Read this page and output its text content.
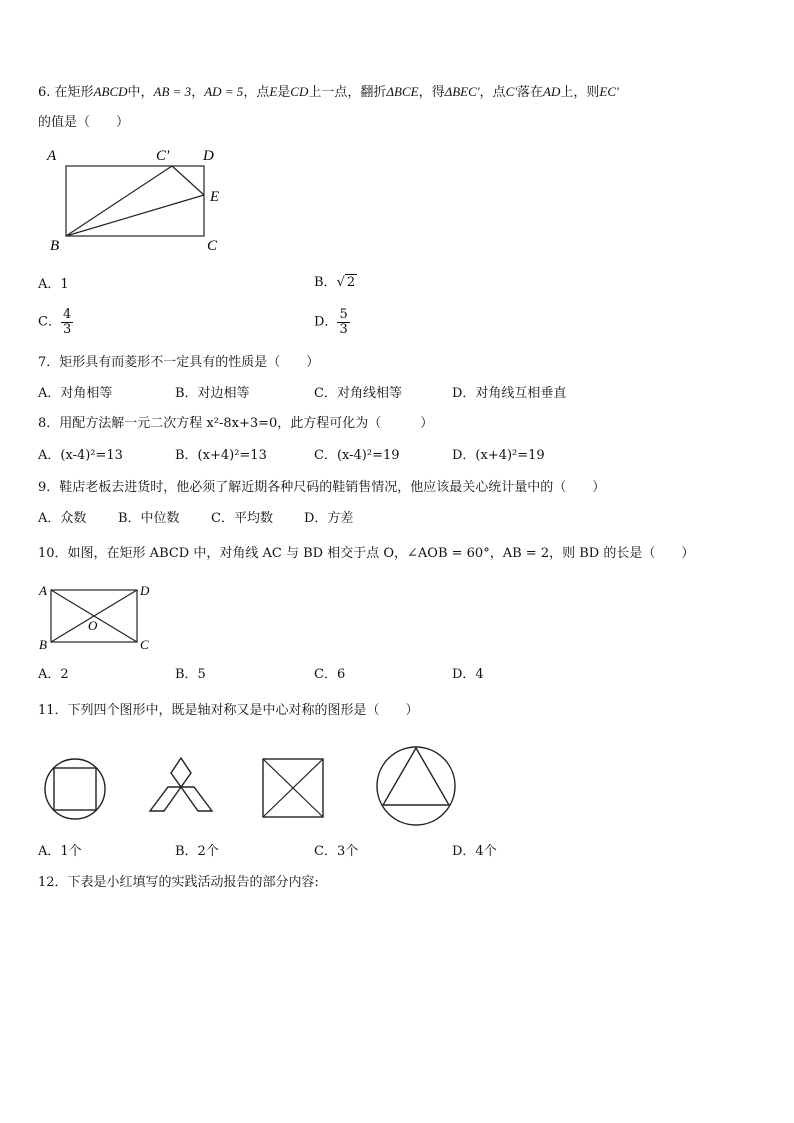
6. 在矩形ABCD中，AB = 3，AD = 5，点E是CD上一点，翻折ΔBCE，得ΔBEC'，点C'落在AD上，则EC'
的值是（　　）
A	C' D
E
B	C
A．1	B．√ 2
C． $\frac{4}{3}$	D． $\frac{5}{3}$
7．矩形具有而菱形不一定具有的性质是（　　）
A．对角相等	B．对边相等	C．对角线相等	D．对角线互相垂直
8．用配方法解一元二次方程 x²-8x+3=0，此方程可化为（　　　）
A．(x-4)²=13	B．(x+4)²=13	C．(x-4)²=19	D．(x+4)²=19
9．鞋店老板去进货时，他必须了解近期各种尺码的鞋销售情况，他应该最关心统计量中的（　　）
A．众数 B．中位数 C．平均数 D．方差
10．如图，在矩形 ABCD 中，对角线 AC 与 BD 相交于点 O，∠AOB = 60°，AB = 2，则 BD 的长是（　　）
A	D
O
B	C
A．2	B．5	C．6	D．4
11．下列四个图形中，既是轴对称又是中心对称的图形是（　　）
A．1个	B．2个	C．3个	D．4个
12．下表是小红填写的实践活动报告的部分内容:
